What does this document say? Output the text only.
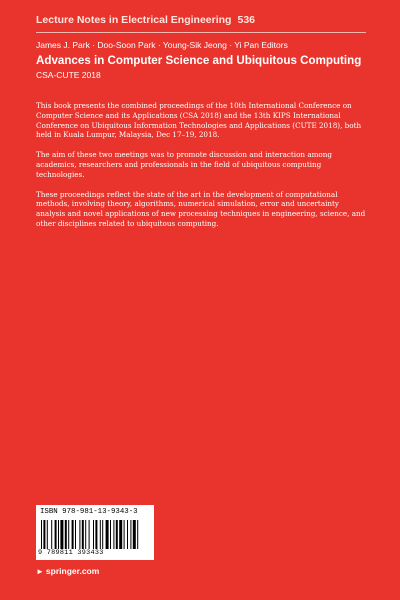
Lecture Notes in Electrical Engineering 536
James J. Park · Doo-Soon Park · Young-Sik Jeong · Yi Pan Editors
Advances in Computer Science and Ubiquitous Computing
CSA-CUTE 2018

This book presents the combined proceedings of the 10th International Conference on Computer Science and its Applications (CSA 2018) and the 13th KIPS International Conference on Ubiquitous Information Technologies and Applications (CUTE 2018), both held in Kuala Lumpur, Malaysia, Dec 17–19, 2018.

The aim of these two meetings was to promote discussion and interaction among academics, researchers and professionals in the field of ubiquitous computing technologies.

These proceedings reflect the state of the art in the development of computational methods, involving theory, algorithms, numerical simulation, error and uncertainty analysis and novel applications of new processing techniques in engineering, science, and other disciplines related to ubiquitous computing.

ISBN 978-981-13-9343-3
9 789811 393433
► springer.com
